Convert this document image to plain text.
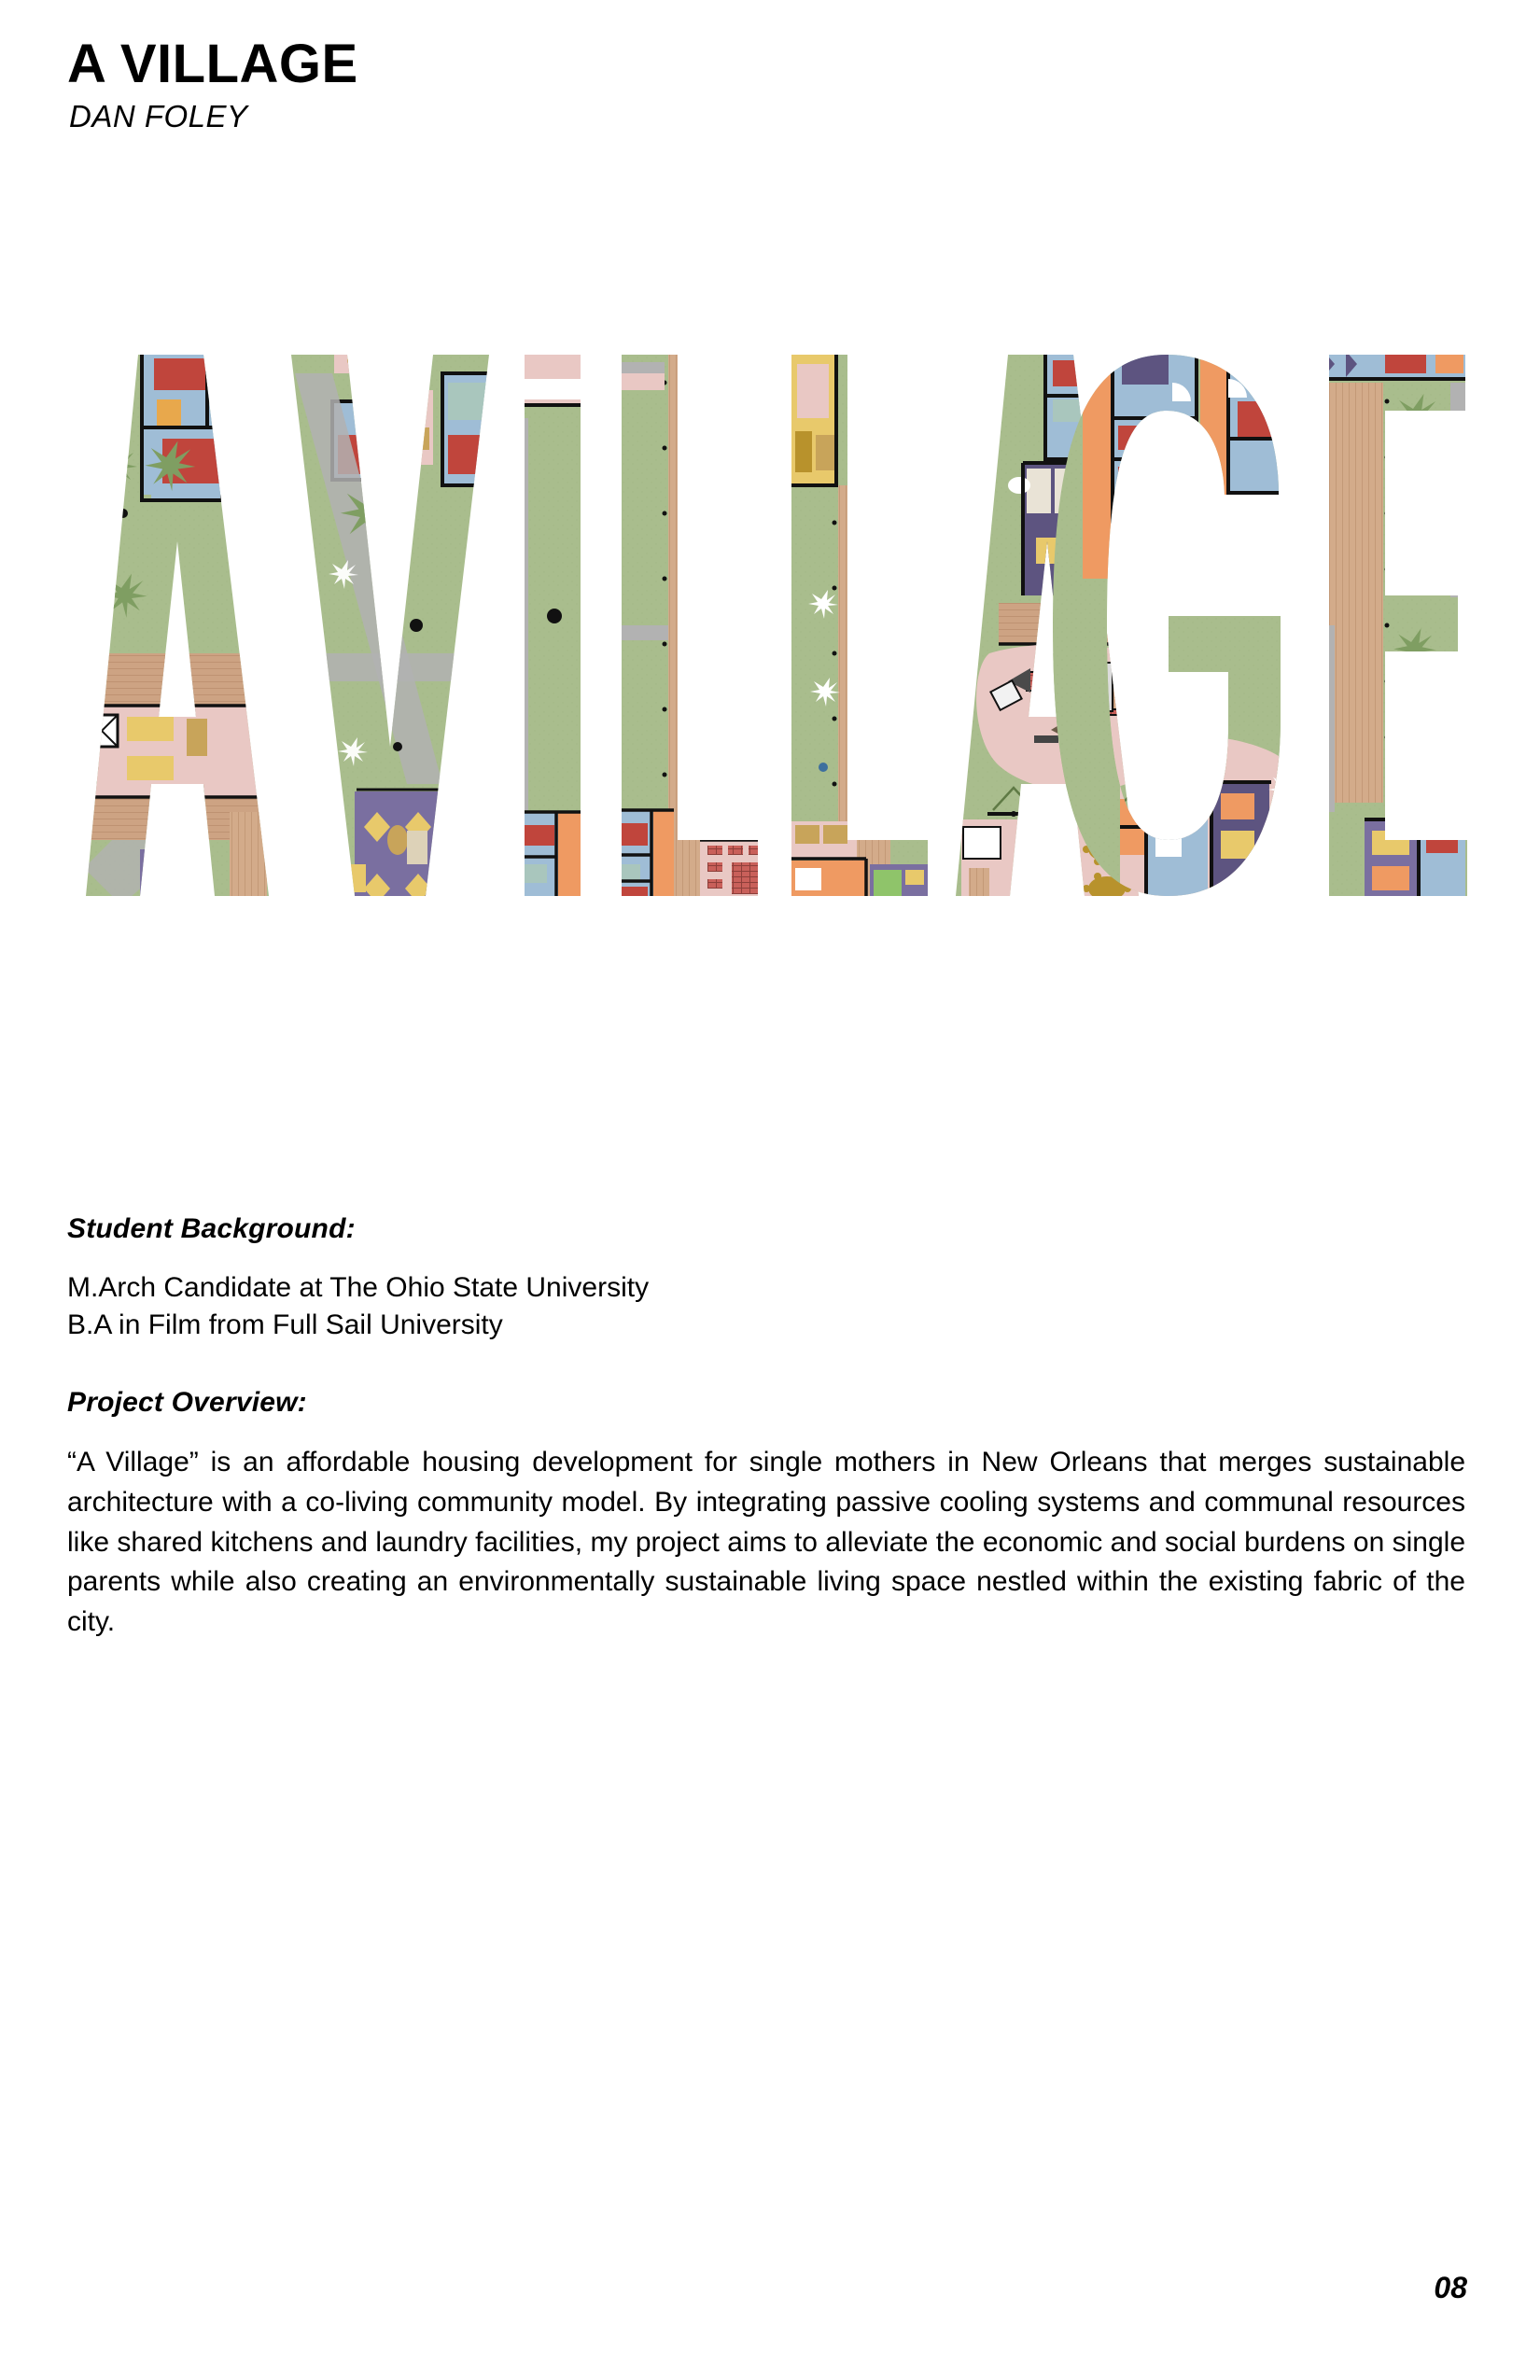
A VILLAGE
DAN FOLEY
Student Background:

M.Arch Candidate at The Ohio State University

B.A in Film from Full Sail University

Project Overview:

“A Village” is an affordable housing development for single mothers in New Orleans that merges sustainable architecture with a co-living community model. By integrating passive cooling systems and communal resources like shared kitchens and laundry facilities, my project aims to alleviate the economic and social burdens on single parents while also creating an environmentally sustainable living space nestled within the existing fabric of the city.

08
